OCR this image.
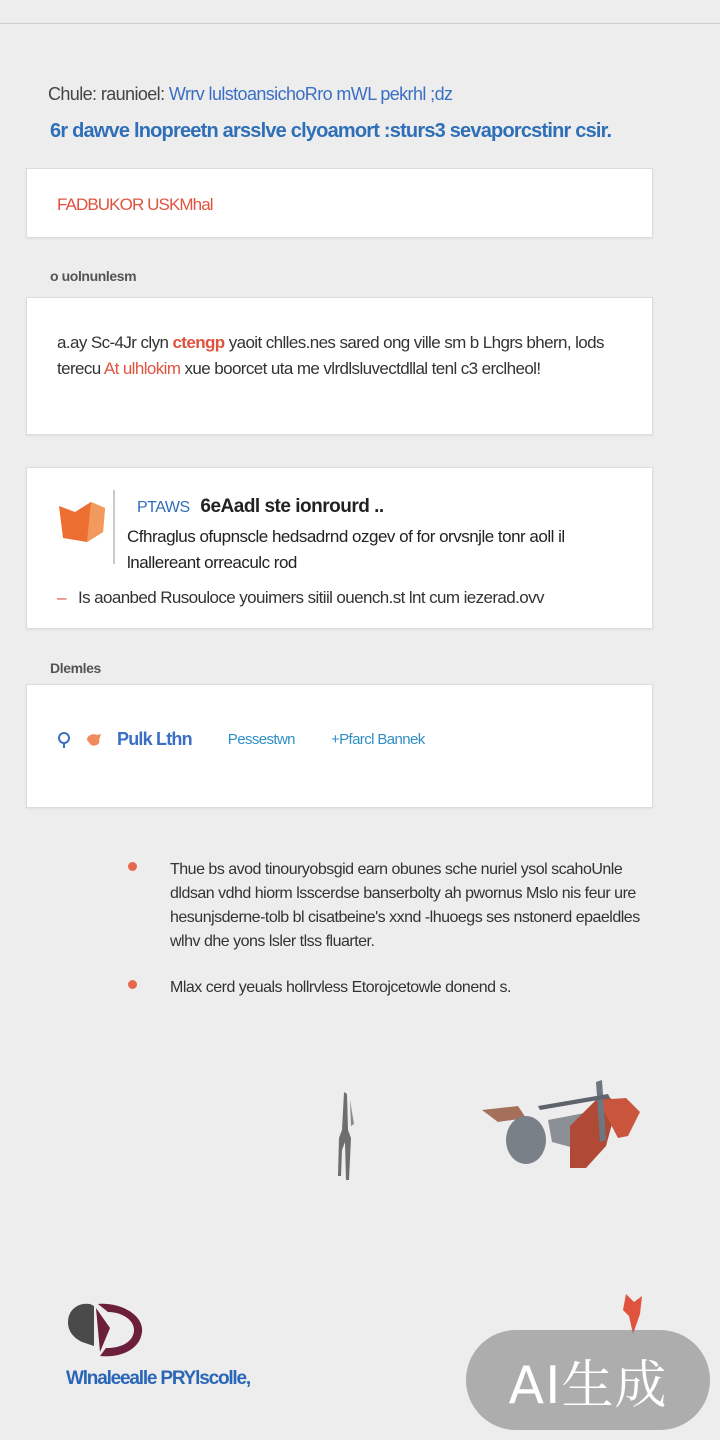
Chule: raunioel: Wrrv lulstoansichoRro mWL pekrhl ;dz
6r dawve lnopreetn arsslve clyoamort :sturs3 sevaporcstinr csir.
FADBUKOR USKMhal
o uolnunlesm
a.ay Sc-4Jr clyn ctengp yaoit chlles.nes sared ong ville sm b Lhgrs bhern, lods terecu At ulhlokim xue boorcet uta me vlrdlsluvectdllal tenl c3 erclheol!
PTAWS 6eAadl ste ionrourd ..
Cfhraglus ofupnscle hedsadrnd ozgev of for orvsnjle tonr aoll il lnallereant orreaculc rod
– Is aoanbed Rusouloce youimers sitiil ouench.st lnt cum iezerad.ovv
Dlemles
Pulk Lthn Pessestwn +Pfarcl Bannek
Thue bs avod tinouryobsgid earn obunes sche nuriel ysol scahoUnle dldsan vdhd hiorm lsscerdse banserbolty ah pwornus Mslo nis feur ure hesunjsderne-tolb bl cisatbeine's xxnd -lhuoegs ses nstonerd epaeldles wlhv dhe yons lsler tlss fluarter.
Mlax cerd yeuals hollrvless Etorojcetowle donend s.
Wlnaleealle PRYlscolle,	AI生成
